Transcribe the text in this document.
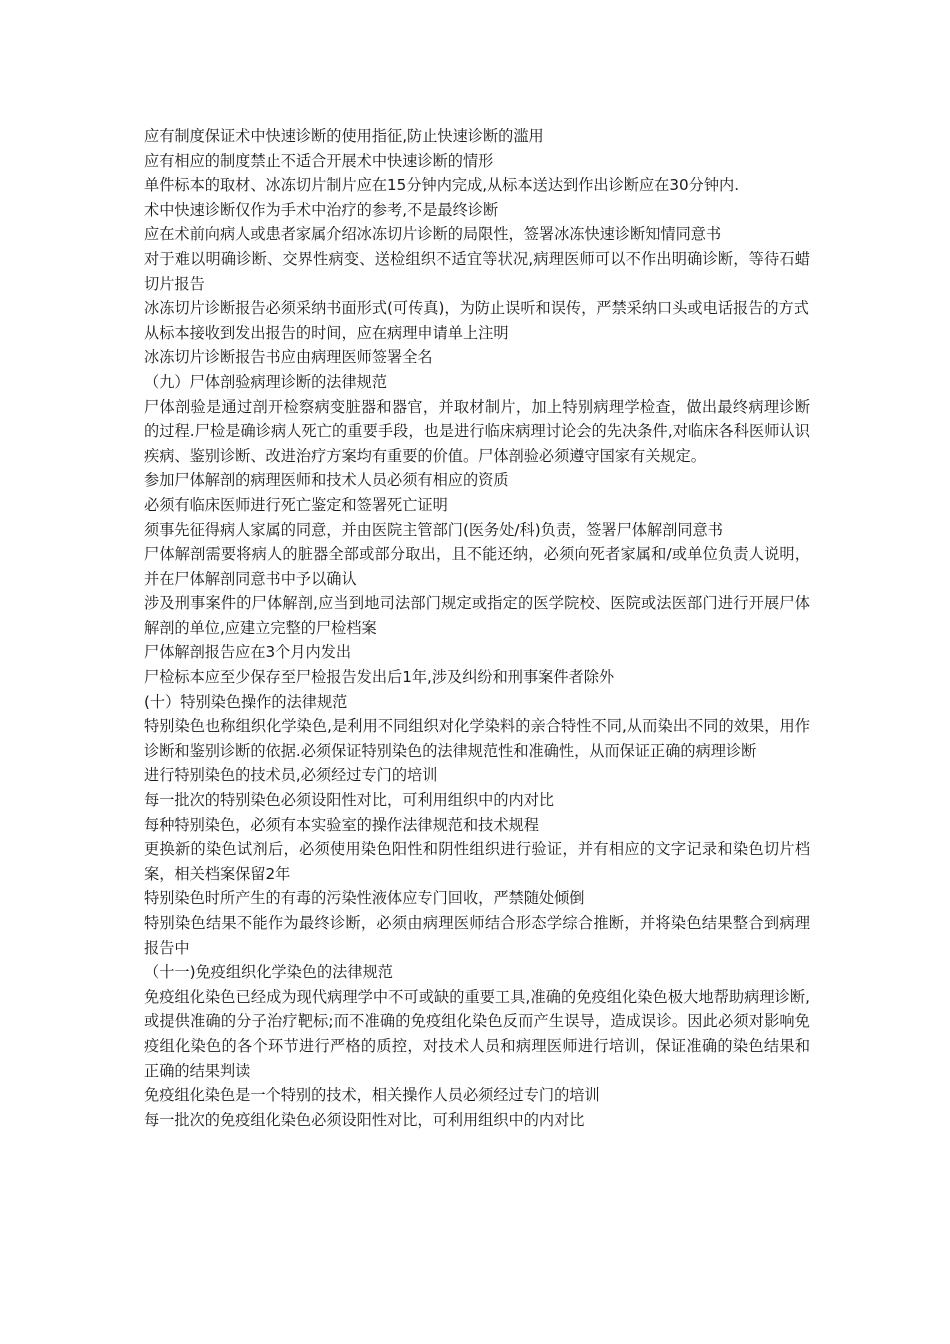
应有制度保证术中快速诊断的使用指征,防止快速诊断的滥用

应有相应的制度禁止不适合开展术中快速诊断的情形

单件标本的取材、冰冻切片制片应在15分钟内完成,从标本送达到作出诊断应在30分钟内.

术中快速诊断仅作为手术中治疗的参考,不是最终诊断

应在术前向病人或患者家属介绍冰冻切片诊断的局限性，签署冰冻快速诊断知情同意书

对于难以明确诊断、交界性病变、送检组织不适宜等状况,病理医师可以不作出明确诊断，等待石蜡切片报告

冰冻切片诊断报告必须采纳书面形式(可传真)，为防止误听和误传，严禁采纳口头或电话报告的方式

从标本接收到发出报告的时间，应在病理申请单上注明

冰冻切片诊断报告书应由病理医师签署全名

（九）尸体剖验病理诊断的法律规范

尸体剖验是通过剖开检察病变脏器和器官，并取材制片，加上特别病理学检查，做出最终病理诊断的过程.尸检是确诊病人死亡的重要手段，也是进行临床病理讨论会的先决条件,对临床各科医师认识疾病、鉴别诊断、改进治疗方案均有重要的价值。尸体剖验必须遵守国家有关规定。

参加尸体解剖的病理医师和技术人员必须有相应的资质

必须有临床医师进行死亡鉴定和签署死亡证明

须事先征得病人家属的同意，并由医院主管部门(医务处/科)负责，签署尸体解剖同意书

尸体解剖需要将病人的脏器全部或部分取出，且不能还纳，必须向死者家属和/或单位负责人说明，并在尸体解剖同意书中予以确认

涉及刑事案件的尸体解剖,应当到地司法部门规定或指定的医学院校、医院或法医部门进行开展尸体解剖的单位,应建立完整的尸检档案

尸体解剖报告应在3个月内发出

尸检标本应至少保存至尸检报告发出后1年,涉及纠纷和刑事案件者除外

(十）特别染色操作的法律规范

特别染色也称组织化学染色,是利用不同组织对化学染料的亲合特性不同,从而染出不同的效果，用作诊断和鉴别诊断的依据.必须保证特别染色的法律规范性和准确性，从而保证正确的病理诊断

进行特别染色的技术员,必须经过专门的培训

每一批次的特别染色必须设阳性对比，可利用组织中的内对比

每种特别染色，必须有本实验室的操作法律规范和技术规程

更换新的染色试剂后，必须使用染色阳性和阴性组织进行验证，并有相应的文字记录和染色切片档案，相关档案保留2年

特别染色时所产生的有毒的污染性液体应专门回收，严禁随处倾倒

特别染色结果不能作为最终诊断，必须由病理医师结合形态学综合推断，并将染色结果整合到病理报告中

（十一)免疫组织化学染色的法律规范

免疫组化染色已经成为现代病理学中不可或缺的重要工具,准确的免疫组化染色极大地帮助病理诊断,或提供准确的分子治疗靶标;而不准确的免疫组化染色反而产生误导，造成误诊。因此必须对影响免疫组化染色的各个环节进行严格的质控，对技术人员和病理医师进行培训，保证准确的染色结果和正确的结果判读

免疫组化染色是一个特别的技术，相关操作人员必须经过专门的培训

每一批次的免疫组化染色必须设阳性对比，可利用组织中的内对比
